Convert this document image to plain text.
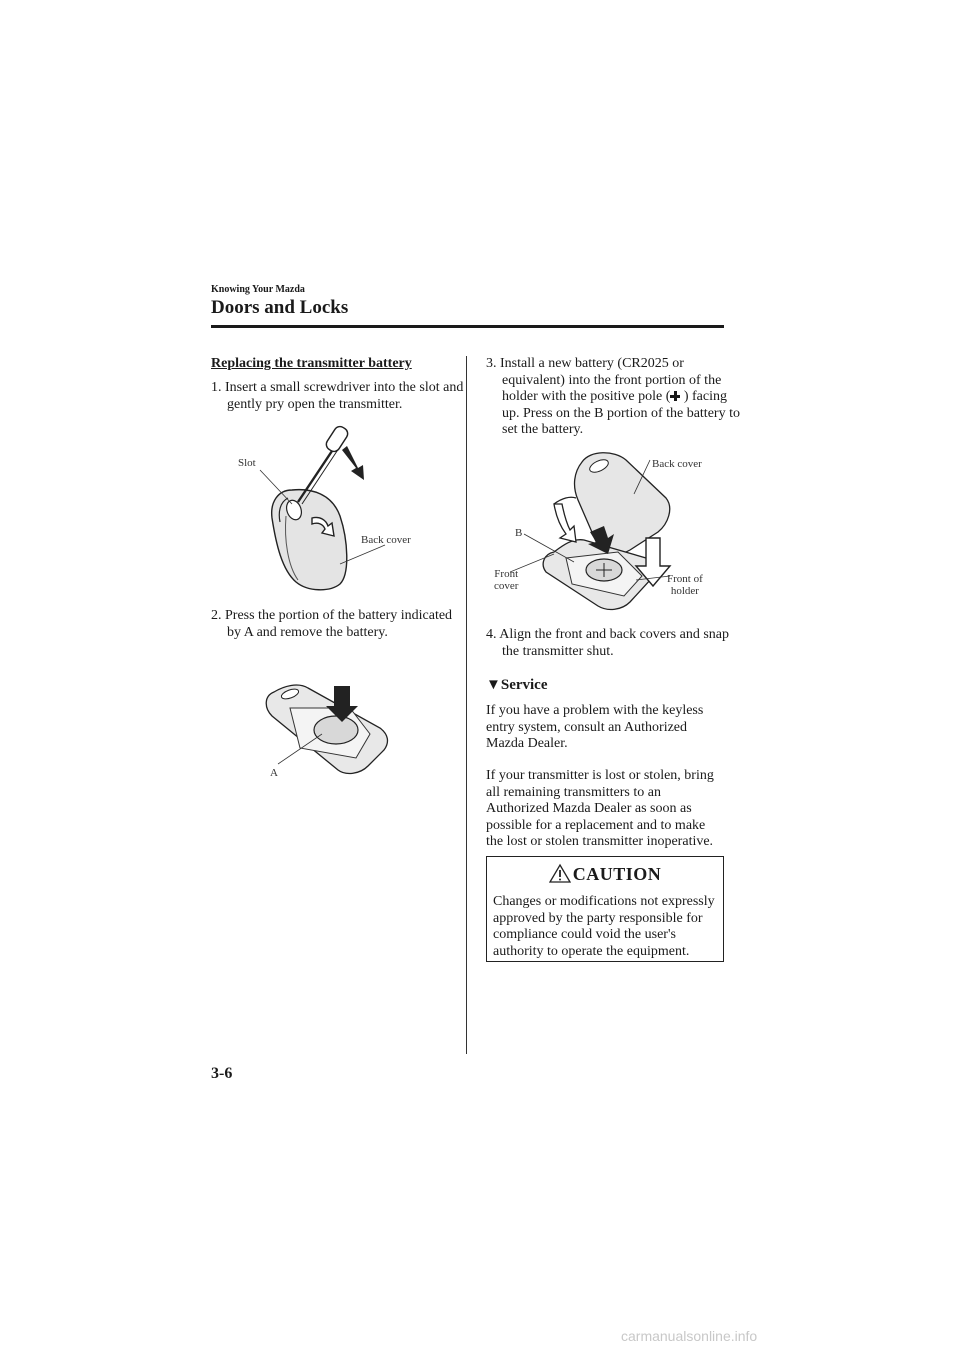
Knowing Your Mazda
Doors and Locks
Replacing the transmitter battery
1. Insert a small screwdriver into the slot and gently pry open the transmitter.
Slot
Back cover
2. Press the portion of the battery indicated by A and remove the battery.
A
3. Install a new battery (CR2025 or equivalent) into the front portion of the holder with the positive pole (
) facing up. Press on the B portion of the battery to set the battery.
Back cover
B
Front
cover
Front of
holder
4. Align the front and back covers and snap the transmitter shut.
▼Service
If you have a problem with the keyless entry system, consult an Authorized Mazda Dealer.
If your transmitter is lost or stolen, bring all remaining transmitters to an Authorized Mazda Dealer as soon as possible for a replacement and to make the lost or stolen transmitter inoperative.
CAUTION
Changes or modifications not expressly approved by the party responsible for compliance could void the user's authority to operate the equipment.
3-6
carmanualsonline.info
